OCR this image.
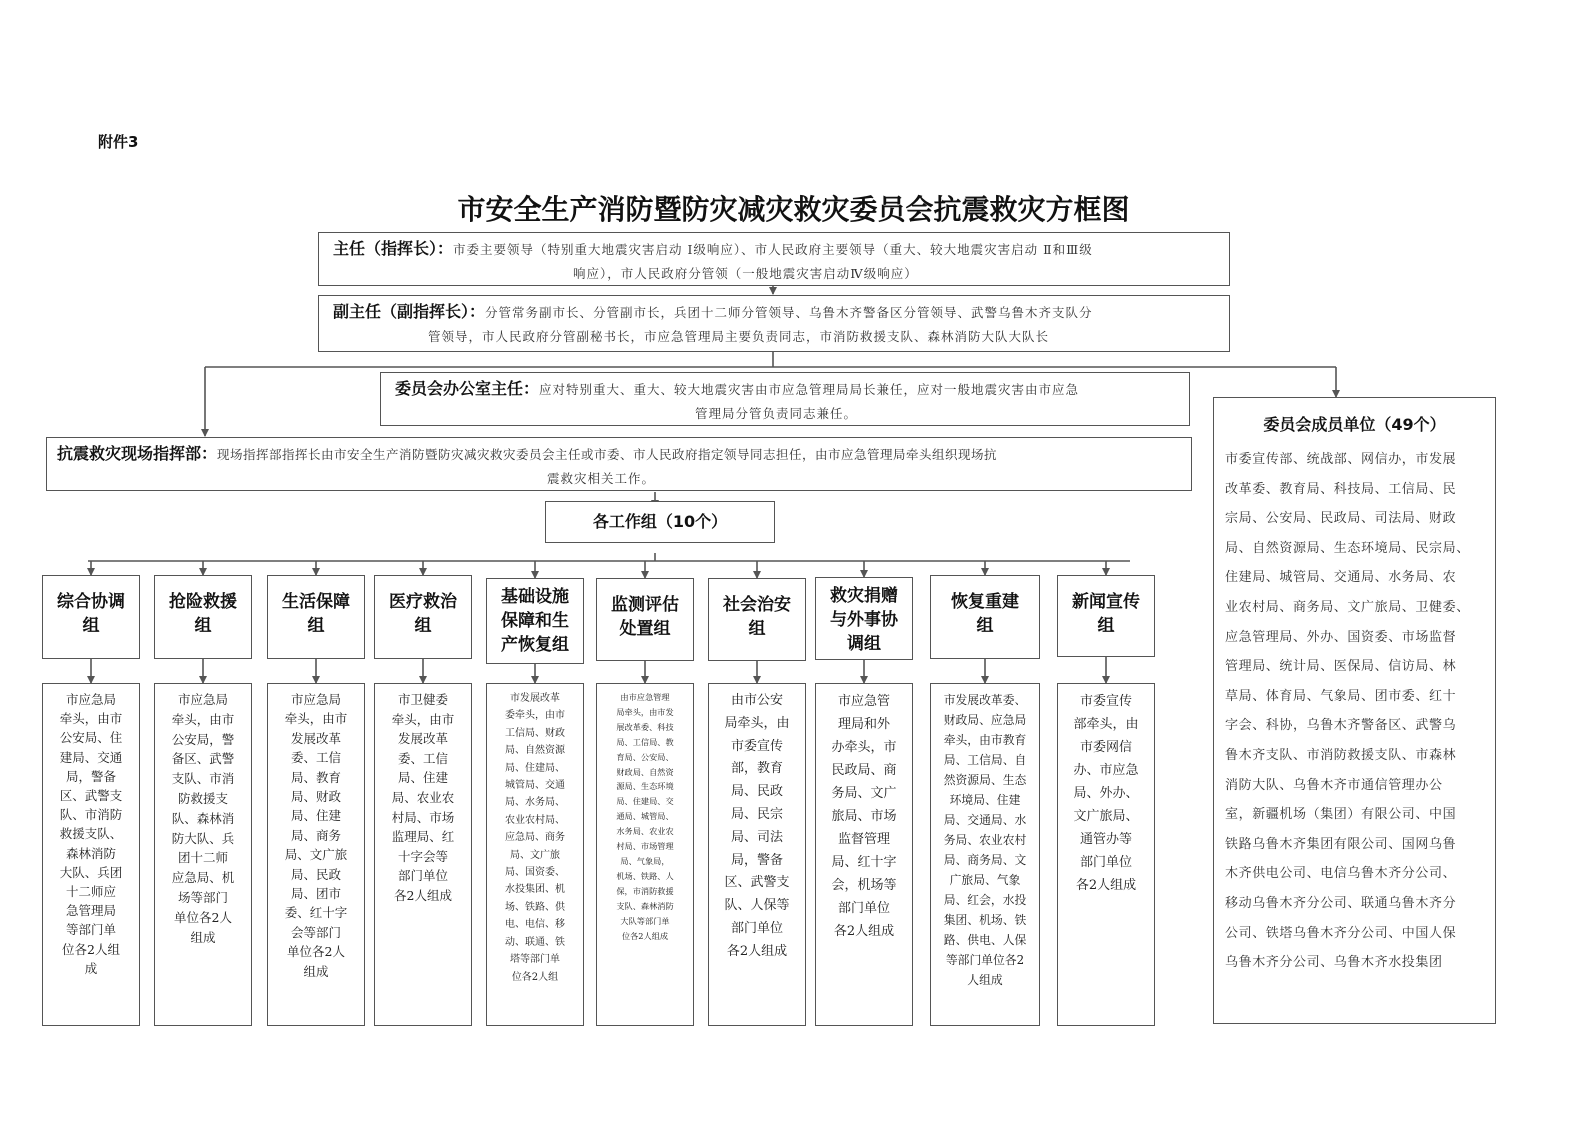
附件3
市安全生产消防暨防灾减灾救灾委员会抗震救灾方框图
主任（指挥长）：市委主要领导（特别重大地震灾害启动 Ⅰ级响应）、市人民政府主要领导（重大、较大地震灾害启动 Ⅱ和Ⅲ级
响应），市人民政府分管领（一般地震灾害启动Ⅳ级响应）
副主任（副指挥长）：分管常务副市长、分管副市长，兵团十二师分管领导、乌鲁木齐警备区分管领导、武警乌鲁木齐支队分
管领导，市人民政府分管副秘书长，市应急管理局主要负责同志，市消防救援支队、森林消防大队大队长
委员会办公室主任：应对特别重大、重大、较大地震灾害由市应急管理局局长兼任，应对一般地震灾害由市应急
管理局分管负责同志兼任。
抗震救灾现场指挥部：现场指挥部指挥长由市安全生产消防暨防灾减灾救灾委员会主任或市委、市人民政府指定领导同志担任，由市应急管理局牵头组织现场抗
震救灾相关工作。
各工作组（10个）
综合协调
组
市应急局
牵头，由市
公安局、住
建局、交通
局，警备
区、武警支
队、市消防
救援支队、
森林消防
大队、兵团
十二师应
急管理局
等部门单
位各2人组
成
抢险救援
组
市应急局
牵头，由市
公安局，警
备区、武警
支队、市消
防救援支
队、森林消
防大队、兵
团十二师
应急局、机
场等部门
单位各2人
组成
生活保障
组
市应急局
牵头，由市
发展改革
委、工信
局、教育
局、财政
局、住建
局、商务
局、文广旅
局、民政
局、团市
委、红十字
会等部门
单位各2人
组成
医疗救治
组
市卫健委
牵头，由市
发展改革
委、工信
局、住建
局、农业农
村局、市场
监理局、红
十字会等
部门单位
各2人组成
基础设施
保障和生
产恢复组
市发展改革
委牵头，由市
工信局、财政
局、自然资源
局、住建局、
城管局、交通
局、水务局、
农业农村局、
应急局、商务
局、文广旅
局、国资委、
水投集团、机
场、铁路、供
电、电信、移
动、联通、铁
塔等部门单
位各2人组
监测评估
处置组
由市应急管理
局牵头，由市发
展改革委、科技
局、工信局、教
育局、公安局、
财政局、自然资
源局、生态环境
局、住建局、交
通局、城管局、
水务局、农业农
村局、市场管理
局、气象局，
机场、铁路、人
保，市消防救援
支队、森林消防
大队等部门单
位各2人组成
社会治安
组
由市公安
局牵头，由
市委宣传
部，教育
局、民政
局、民宗
局、司法
局，警备
区、武警支
队、人保等
部门单位
各2人组成
救灾捐赠
与外事协
调组
市应急管
理局和外
办牵头，市
民政局、商
务局、文广
旅局、市场
监督管理
局、红十字
会，机场等
部门单位
各2人组成
恢复重建
组
市发展改革委、
财政局、应急局
牵头，由市教育
局、工信局、自
然资源局、生态
环境局、住建
局、交通局、水
务局、农业农村
局、商务局、文
广旅局、气象
局、红会，水投
集团、机场、铁
路、供电、人保
等部门单位各2
人组成
新闻宣传
组
市委宣传
部牵头，由
市委网信
办、市应急
局、外办、
文广旅局、
通管办等
部门单位
各2人组成
委员会成员单位（49个）
市委宣传部、统战部、网信办，市发展
改革委、教育局、科技局、工信局、民
宗局、公安局、民政局、司法局、财政
局、自然资源局、生态环境局、民宗局、
住建局、城管局、交通局、水务局、农
业农村局、商务局、文广旅局、卫健委、
应急管理局、外办、国资委、市场监督
管理局、统计局、医保局、信访局、林
草局、体育局、气象局、团市委、红十
字会、科协，乌鲁木齐警备区、武警乌
鲁木齐支队、市消防救援支队、市森林
消防大队、乌鲁木齐市通信管理办公
室，新疆机场（集团）有限公司、中国
铁路乌鲁木齐集团有限公司、国网乌鲁
木齐供电公司、电信乌鲁木齐分公司、
移动乌鲁木齐分公司、联通乌鲁木齐分
公司、铁塔乌鲁木齐分公司、中国人保
乌鲁木齐分公司、乌鲁木齐水投集团
